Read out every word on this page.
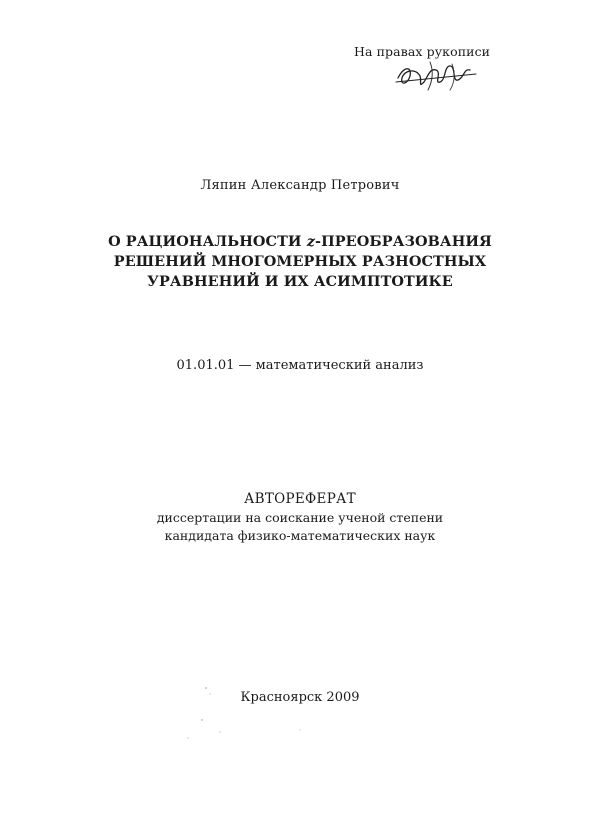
На правах рукописи
Ляпин Александр Петрович
О РАЦИОНАЛЬНОСТИ z-ПРЕОБРАЗОВАНИЯ
РЕШЕНИЙ МНОГОМЕРНЫХ РАЗНОСТНЫХ
УРАВНЕНИЙ И ИХ АСИМПТОТИКЕ
01.01.01 — математический анализ
АВТОРЕФЕРАТ
диссертации на соискание ученой степени
кандидата физико-математических наук
Красноярск 2009
